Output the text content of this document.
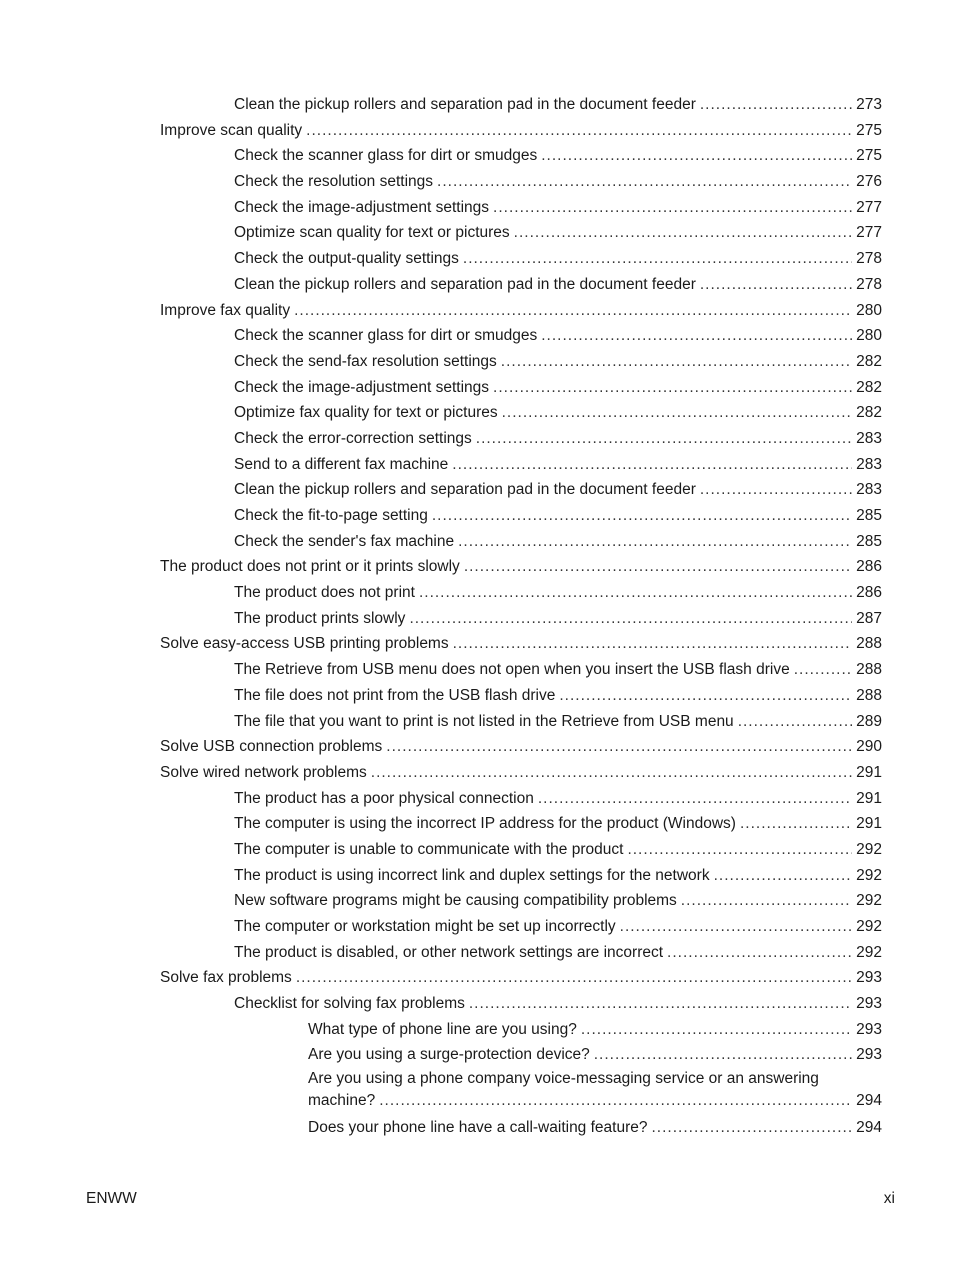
Clean the pickup rollers and separation pad in the document feeder .....	273
Improve scan quality .....	275
Check the scanner glass for dirt or smudges .....	275
Check the resolution settings .....	276
Check the image-adjustment settings .....	277
Optimize scan quality for text or pictures .....	277
Check the output-quality settings .....	278
Clean the pickup rollers and separation pad in the document feeder .....	278
Improve fax quality .....	280
Check the scanner glass for dirt or smudges .....	280
Check the send-fax resolution settings .....	282
Check the image-adjustment settings .....	282
Optimize fax quality for text or pictures .....	282
Check the error-correction settings .....	283
Send to a different fax machine .....	283
Clean the pickup rollers and separation pad in the document feeder .....	283
Check the fit-to-page setting .....	285
Check the sender's fax machine .....	285
The product does not print or it prints slowly .....	286
The product does not print .....	286
The product prints slowly .....	287
Solve easy-access USB printing problems .....	288
The Retrieve from USB menu does not open when you insert the USB flash drive .....	288
The file does not print from the USB flash drive .....	288
The file that you want to print is not listed in the Retrieve from USB menu .....	289
Solve USB connection problems .....	290
Solve wired network problems .....	291
The product has a poor physical connection .....	291
The computer is using the incorrect IP address for the product (Windows) .....	291
The computer is unable to communicate with the product .....	292
The product is using incorrect link and duplex settings for the network .....	292
New software programs might be causing compatibility problems .....	292
The computer or workstation might be set up incorrectly .....	292
The product is disabled, or other network settings are incorrect .....	292
Solve fax problems .....	293
Checklist for solving fax problems .....	293
What type of phone line are you using? .....	293
Are you using a surge-protection device? .....	293
Are you using a phone company voice-messaging service or an answering
machine? .....	294
Does your phone line have a call-waiting feature? .....	294
ENWW	xi
